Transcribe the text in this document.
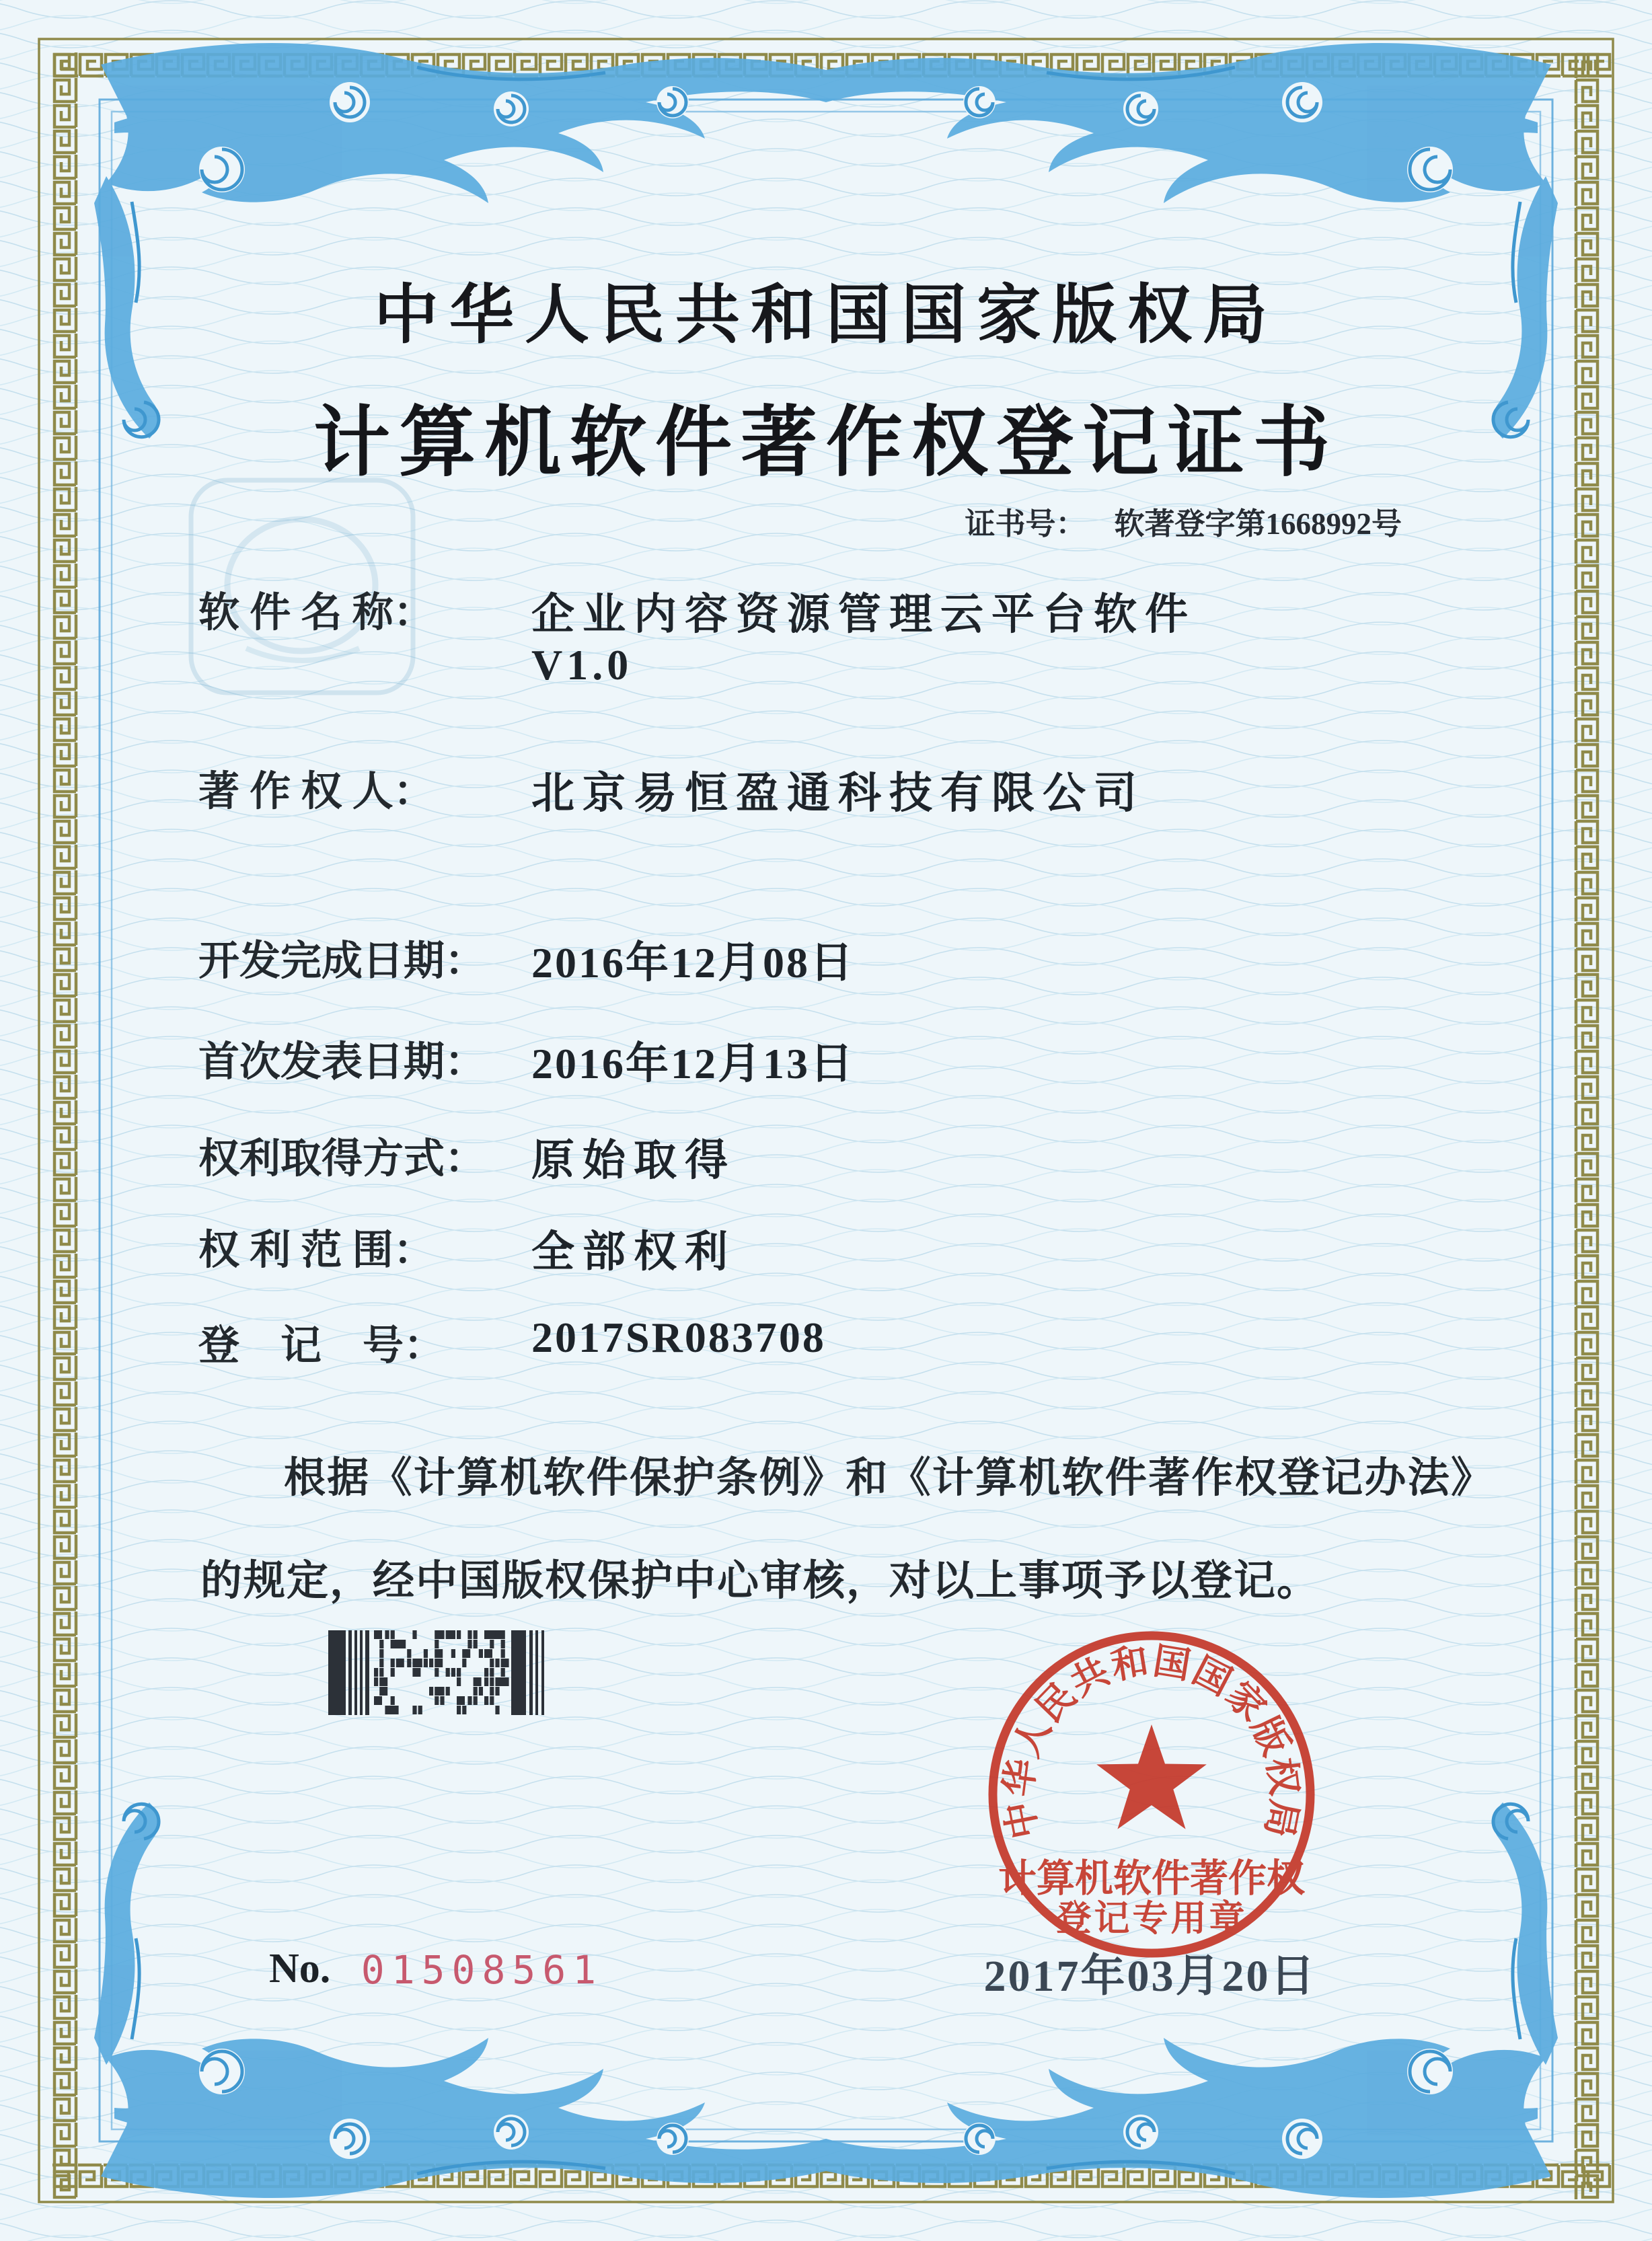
中华人民共和国国家版权局
计算机软件著作权登记证书
证书号： 软著登字第1668992号
软 件 名 称：	企业内容资源管理云平台软件
V1.0
著 作 权 人：	北京易恒盈通科技有限公司
开发完成日期：	2016年12月08日
首次发表日期：	2016年12月13日
权利取得方式：	原始取得
权 利 范 围：	全部权利
登　记　号：	2017SR083708
根据《计算机软件保护条例》和《计算机软件著作权登记办法》的规定，经中国版权保护中心审核，对以上事项予以登记。
中华人民共和国国家版权局
计算机软件著作权
登记专用章
2017年03月20日
No. 01508561
